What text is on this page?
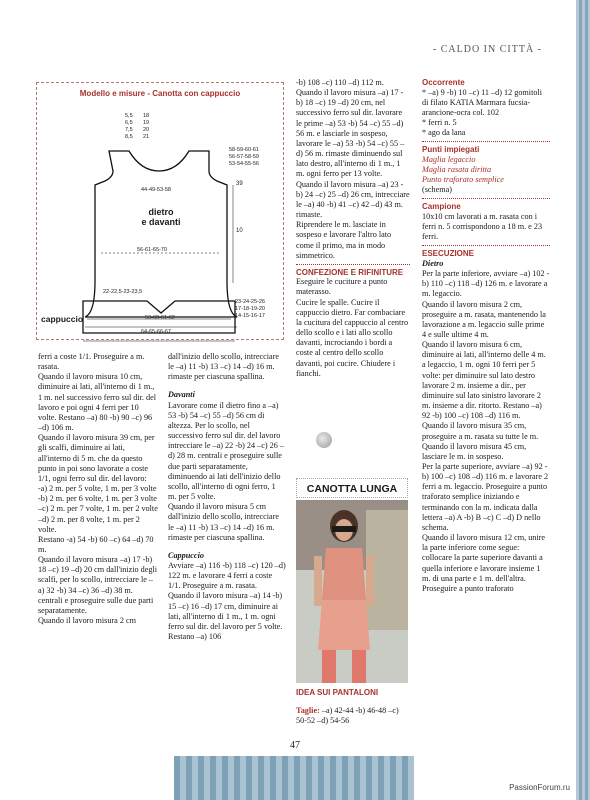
- CALDO IN CITTÀ -
Modello e misure - Canotta con cappuccio
5,5
6,5
7,5
8,5
18
19
20
21
58-59-60-61
56-57-58-59
53-54-55-56
39
10
44-49-53-58
dietro
e davanti
56-61-65-70
22-22,5-23-23,5
23-24-25-26
17-18-19-20
14-15-16-17
cappuccio	59-60-61-62
64-65-66-67

ferri a coste 1/1. Proseguire a m. rasata.

Quando il lavoro misura 10 cm, diminuire ai lati, all'interno di 1 m., 1 m. nel successivo ferro sul dir. del lavoro e poi ogni 4 ferri per 10 volte. Restano –a) 80 -b) 90 –c) 96 –d) 106 m.

Quando il lavoro misura 39 cm, per gli scalfi, diminuire ai lati, all'interno di 5 m. che da questo punto in poi sono lavorate a coste 1/1, ogni ferro sul dir. del lavoro:

-a) 2 m. per 5 volte, 1 m. per 3 volte

-b) 2 m. per 6 volte, 1 m. per 3 volte

–c) 2 m. per 7 volte, 1 m. per 2 volte

–d) 2 m. per 8 volte, 1 m. per 2 volte.

Restano -a) 54 -b) 60 –c) 64 –d) 70 m.

Quando il lavoro misura –a) 17 -b) 18 –c) 19 –d) 20 cm dall'inizio degli scalfi, per lo scollo, intrecciare le –a) 32 -b) 34 –c) 36 –d) 38 m. centrali e proseguire sulle due parti separatamente.

Quando il lavoro misura 2 cm

dall'inizio dello scollo, intrecciare le –a) 11 -b) 13 –c) 14 –d) 16 m. rimaste per ciascuna spallina.

Davanti

Lavorare come il dietro fino a –a) 53 -b) 54 –c) 55 –d) 56 cm di altezza. Per lo scollo, nel successivo ferro sul dir. del lavoro intrecciare le –a) 22 -b) 24 –c) 26 –d) 28 m. centrali e proseguire sulle due parti separatamente, diminuendo ai lati dell'inizio dello scollo, all'interno di ogni ferro, 1 m. per 5 volte.

Quando il lavoro misura 5 cm dall'inizio dello scollo, intrecciare le –a) 11 -b) 13 –c) 14 –d) 16 m. rimaste per ciascuna spallina.

Cappuccio

Avviare –a) 116 -b) 118 –c) 120 –d) 122 m. e lavorare 4 ferri a coste 1/1. Proseguire a m. rasata.

Quando il lavoro misura –a) 14 -b) 15 –c) 16 –d) 17 cm, diminuire ai lati, all'interno di 1 m., 1 m. ogni ferro sul dir. del lavoro per 5 volte. Restano –a) 106

-b) 108 –c) 110 –d) 112 m. Quando il lavoro misura –a) 17 -b) 18 –c) 19 –d) 20 cm, nel successivo ferro sul dir. lavorare le prime –a) 53 -b) 54 –c) 55 –d) 56 m. e lasciarle in sospeso, lavorare le –a) 53 -b) 54 –c) 55 –d) 56 m. rimaste diminuendo sul lato destro, all'interno di 1 m., 1 m. ogni ferro per 13 volte.

Quando il lavoro misura –a) 23 -b) 24 –c) 25 –d) 26 cm, intrecciare le –a) 40 -b) 41 –c) 42 –d) 43 m. rimaste.

Riprendere le m. lasciate in sospeso e lavorare l'altro lato come il primo, ma in modo simmetrico.

CONFEZIONE E RIFINITURE

Eseguire le cuciture a punto materasso.

Cucire le spalle. Cucire il cappuccio dietro. Far combaciare la cucitura del cappuccio al centro dello scollo e i lati allo scollo davanti, incrociando i bordi a coste al centro dello scollo davanti, poi cucire. Chiudere i fianchi.

CANOTTA LUNGA
IDEA SUI PANTALONI
Taglie: –a) 42-44 -b) 46-48 –c) 50-52 –d) 54-56

Occorrente

* –a) 9 -b) 10 –c) 11 –d) 12 gomitoli di filato KATIA Marmara fucsia-arancione-ocra col. 102

* ferri n. 5

* ago da lana

Punti impiegati

Maglia legaccio

Maglia rasata diritta

Punto traforato semplice

(schema)

Campione

10x10 cm lavorati a m. rasata con i ferri n. 5 corrispondono a 18 m. e 23 ferri.

ESECUZIONE

Dietro

Per la parte inferiore, avviare –a) 102 -b) 110 –c) 118 –d) 126 m. e lavorare a m. legaccio.

Quando il lavoro misura 2 cm, proseguire a m. rasata, mantenendo la lavorazione a m. legaccio sulle prime 4 e sulle ultime 4 m.

Quando il lavoro misura 6 cm, diminuire ai lati, all'interno delle 4 m. a legaccio, 1 m. ogni 10 ferri per 5 volte: per diminuire sul lato destro lavorare 2 m. insieme a dir., per diminuire sul lato sinistro lavorare 2 m. insieme a dir. ritorto. Restano –a) 92 -b) 100 –c) 108 –d) 116 m.

Quando il lavoro misura 35 cm, proseguire a m. rasata su tutte le m.

Quando il lavoro misura 45 cm, lasciare le m. in sospeso.

Per la parte superiore, avviare –a) 92 -b) 100 –c) 108 –d) 116 m. e lavorare 2 ferri a m. legaccio. Proseguire a punto traforato semplice iniziando e terminando con la m. indicata dalla lettera –a) A -b) B –c) C –d) D nello schema.

Quando il lavoro misura 12 cm, unire la parte inferiore come segue: collocare la parte superiore davanti a quella inferiore e lavorare insieme 1 m. di una parte e 1 m. dell'altra. Proseguire a punto traforato

47
PassionForum.ru
